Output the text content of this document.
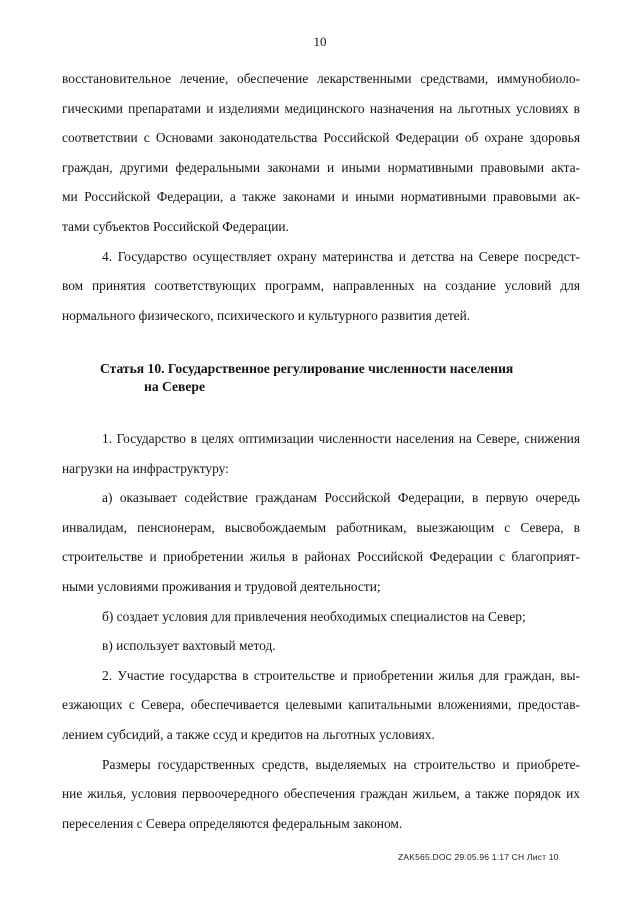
10
восстановительное лечение, обеспечение лекарственными средствами, иммунобиоло-
гическими препаратами и изделиями медицинского назначения на льготных условиях в
соответствии с Основами законодательства Российской Федерации об охране здоровья
граждан, другими федеральными законами и иными нормативными правовыми акта-
ми Российской Федерации, а также законами и иными нормативными правовыми ак-
тами субъектов Российской Федерации.
4. Государство осуществляет охрану материнства и детства на Севере посредст-
вом принятия соответствующих программ, направленных на создание условий для
нормального физического, психического и культурного развития детей.
Статья 10. Государственное регулирование численности населения
на Севере
1. Государство в целях оптимизации численности населения на Севере, снижения
нагрузки на инфраструктуру:
а) оказывает содействие гражданам Российской Федерации, в первую очередь
инвалидам, пенсионерам, высвобождаемым работникам, выезжающим с Севера, в
строительстве и приобретении жилья в районах Российской Федерации с благоприят-
ными условиями проживания и трудовой деятельности;
б) создает условия для привлечения необходимых специалистов на Север;
в) использует вахтовый метод.
2. Участие государства в строительстве и приобретении жилья для граждан, вы-
езжающих с Севера, обеспечивается целевыми капитальными вложениями, предостав-
лением субсидий, а также ссуд и кредитов на льготных условиях.
Размеры государственных средств, выделяемых на строительство и приобрете-
ние жилья, условия первоочередного обеспечения граждан жильем, а также порядок их
переселения с Севера определяются федеральным законом.
ZAK565.DOC 29.05.96 1:17 CH Лист 10
